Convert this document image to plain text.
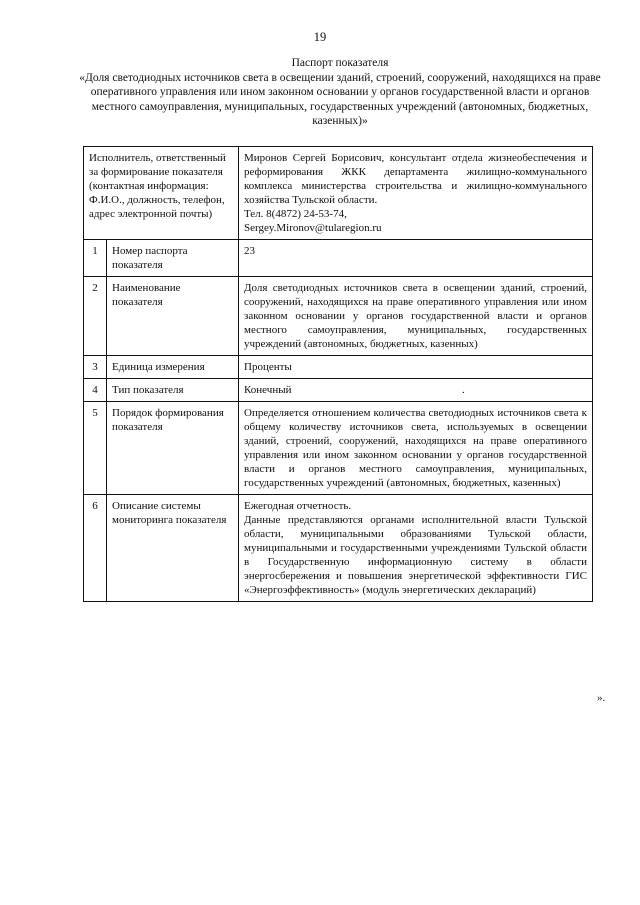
19
Паспорт показателя
«Доля светодиодных источников света в освещении зданий, строений, сооружений, находящихся на праве оперативного управления или ином законном основании у органов государственной власти и органов местного самоуправления, муниципальных, государственных учреждений (автономных, бюджетных, казенных)»
Исполнитель, ответственный за формирование показателя (контактная информация: Ф.И.О., должность, телефон, адрес электронной почты)		Миронов Сергей Борисович, консультант отдела жизнеобеспечения и реформирования ЖКК департамента жилищно-коммунального комплекса министерства строительства и жилищно-коммунального хозяйства Тульской области.
Тел. 8(4872) 24-53-74,
Sergey.Mironov@tularegion.ru

1	Номер паспорта показателя	23
2	Наименование показателя	Доля светодиодных источников света в освещении зданий, строений, сооружений, находящихся на праве оперативного управления или ином законном основании у органов государственной власти и органов местного самоуправления, муниципальных, государственных учреждений (автономных, бюджетных, казенных)
3	Единица измерения	Проценты
4	Тип показателя	Конечный
5	Порядок формирования показателя	Определяется отношением количества светодиодных источников света к общему количеству источников света, используемых в освещении зданий, строений, сооружений, находящихся на праве оперативного управления или ином законном основании у органов государственной власти и органов местного самоуправления, муниципальных, государственных учреждений (автономных, бюджетных, казенных)
6	Описание системы мониторинга показателя	Ежегодная отчетность.
Данные представляются органами исполнительной власти Тульской области, муниципальными образованиями Тульской области, муниципальными и государственными учреждениями Тульской области в Государственную информационную систему в области энергосбережения и повышения энергетической эффективности ГИС «Энергоэффективность» (модуль энергетических деклараций)
.
».
